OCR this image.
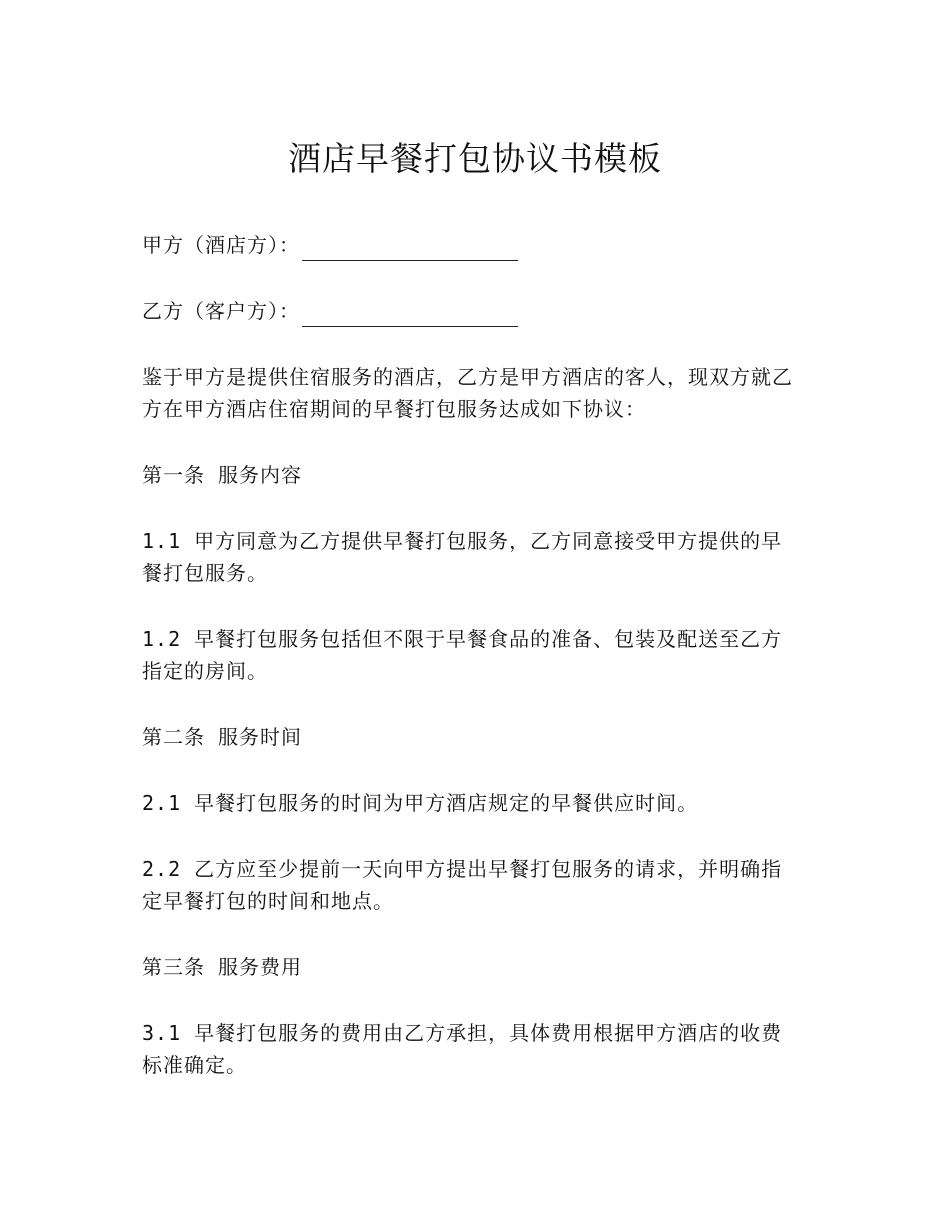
酒店早餐打包协议书模板
甲方（酒店方）：
乙方（客户方）：

鉴于甲方是提供住宿服务的酒店，乙方是甲方酒店的客人，现双方就乙方在甲方酒店住宿期间的早餐打包服务达成如下协议：

第一条 服务内容

1.1 甲方同意为乙方提供早餐打包服务，乙方同意接受甲方提供的早餐打包服务。

1.2 早餐打包服务包括但不限于早餐食品的准备、包装及配送至乙方指定的房间。

第二条 服务时间

2.1 早餐打包服务的时间为甲方酒店规定的早餐供应时间。

2.2 乙方应至少提前一天向甲方提出早餐打包服务的请求，并明确指定早餐打包的时间和地点。

第三条 服务费用

3.1 早餐打包服务的费用由乙方承担，具体费用根据甲方酒店的收费标准确定。
